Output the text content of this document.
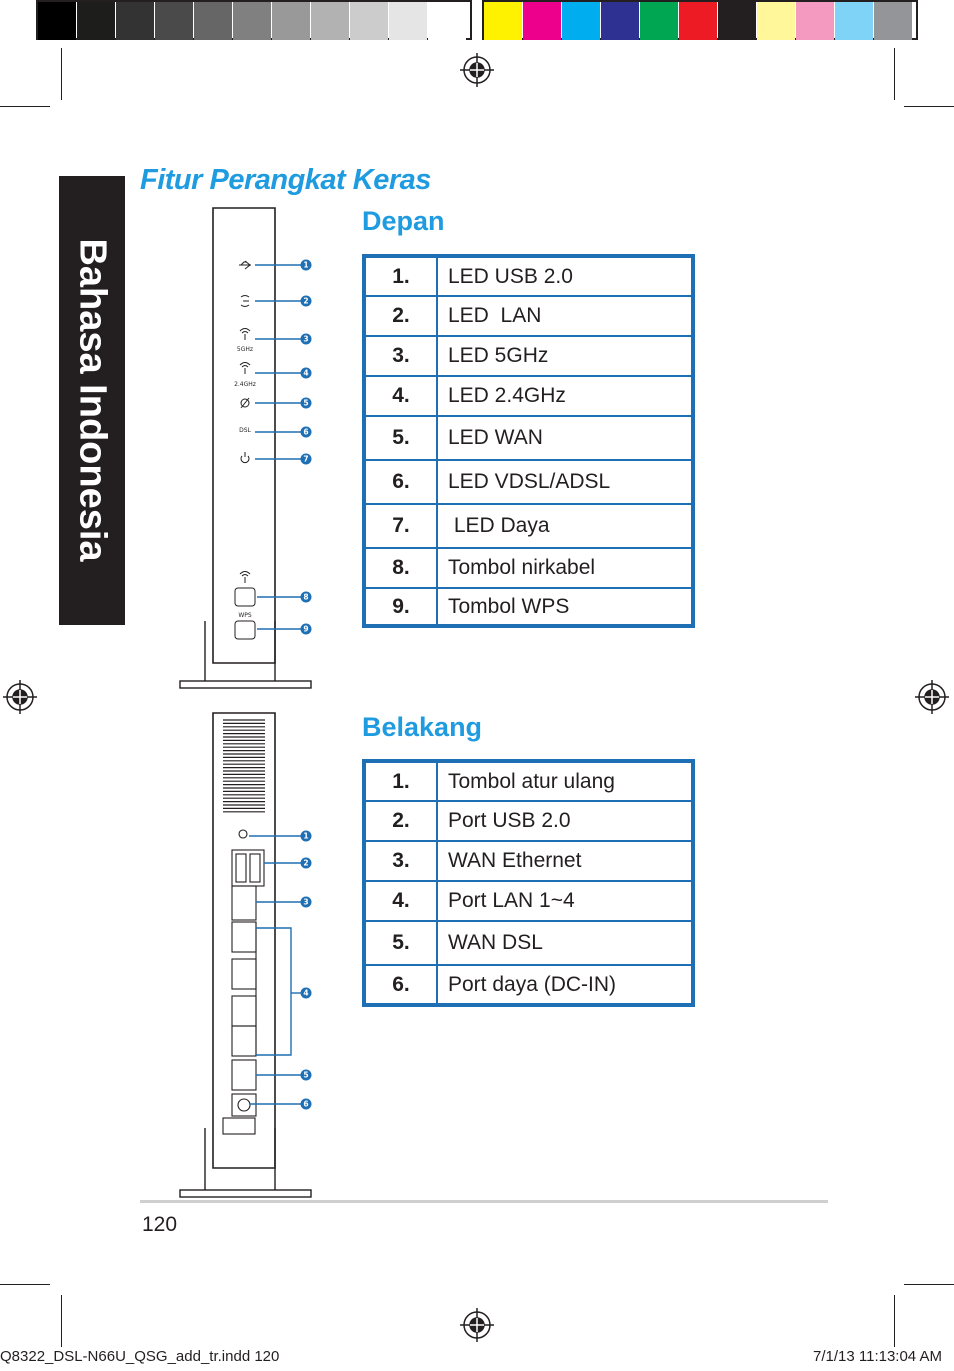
Bahasa Indonesia
Fitur Perangkat Keras
Depan
5GHz
2.4GHz
DSL
WPS
1
2
3
4
5
6
7
8
9
1.	LED USB 2.0
2.	LED  LAN
3.	LED 5GHz
4.	LED 2.4GHz
5.	LED WAN
6.	LED VDSL/ADSL
7.	LED Daya
8.	Tombol nirkabel
9.	Tombol WPS
Belakang
1
2
3
4
5
6
1.	Tombol atur ulang
2.	Port USB 2.0
3.	WAN Ethernet
4.	Port LAN 1~4
5.	WAN DSL
6.	Port daya (DC-IN)
120
Q8322_DSL-N66U_QSG_add_tr.indd 120	7/1/13 11:13:04 AM
